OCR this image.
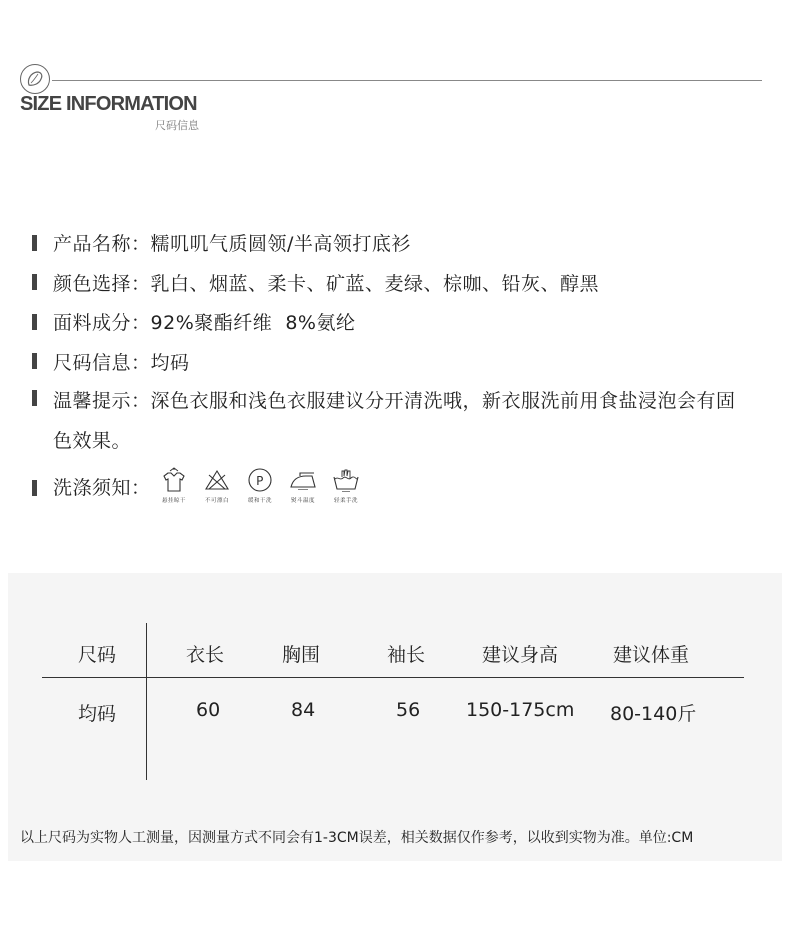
SIZE INFORMATION
尺码信息
产品名称： 糯叽叽气质圆领/半高领打底衫
颜色选择： 乳白、烟蓝、柔卡、矿蓝、麦绿、棕咖、铅灰、醇黑
面料成分： 92%聚酯纤维  8%氨纶
尺码信息： 均码
温馨提示：深色衣服和浅色衣服建议分开清洗哦，新衣服洗前用食盐浸泡会有固色效果。
洗涤须知：
悬挂晾干	不可漂白
P
缓和干洗	熨斗温度	轻柔手洗
尺码	衣长	胸围	袖长	建议身高	建议体重
均码	60	84	56 150-175cm 80-140斤
以上尺码为实物人工测量，因测量方式不同会有1-3CM误差，相关数据仅作参考，以收到实物为准。单位:CM
